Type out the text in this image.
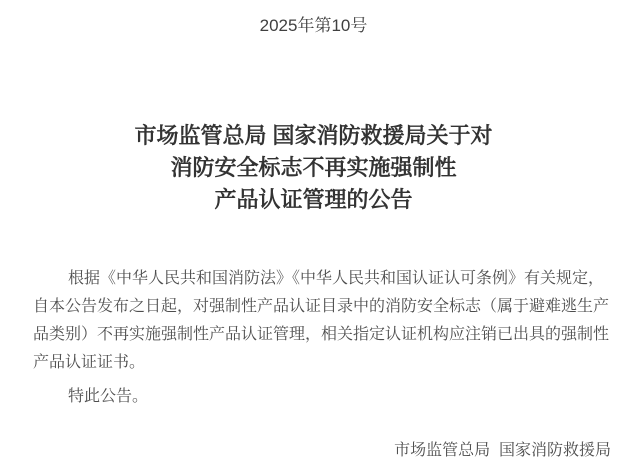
2025年第10号
市场监管总局 国家消防救援局关于对
消防安全标志不再实施强制性
产品认证管理的公告
根据《中华人民共和国消防法》《中华人民共和国认证认可条例》有关规定，
自本公告发布之日起，对强制性产品认证目录中的消防安全标志（属于避难逃生产
品类别）不再实施强制性产品认证管理，相关指定认证机构应注销已出具的强制性
产品认证证书。
特此公告。
市场监管总局  国家消防救援局
